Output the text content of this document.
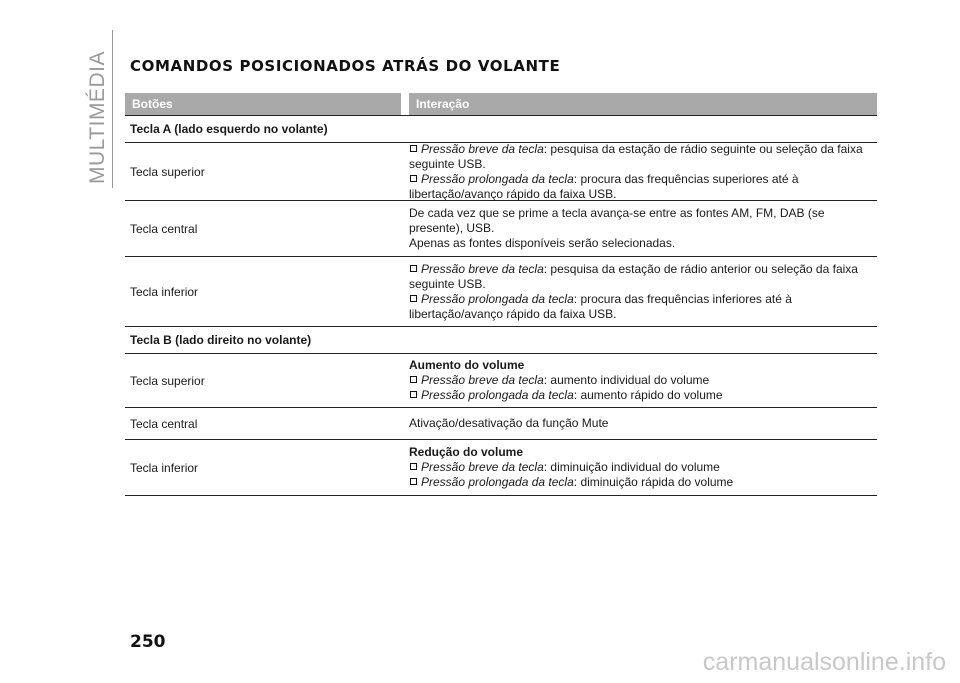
MULTIMÉDIA COMANDOS POSICIONADOS ATRÁS DO VOLANTE
Botões	Interação
Tecla A (lado esquerdo no volante)
Tecla superior
Pressão breve da tecla: pesquisa da estação de rádio seguinte ou seleção da faixa
seguinte USB.
Pressão prolongada da tecla: procura das frequências superiores até à
libertação/avanço rápido da faixa USB.
Tecla central
De cada vez que se prime a tecla avança-se entre as fontes AM, FM, DAB (se
presente), USB.
Apenas as fontes disponíveis serão selecionadas.
Tecla inferior
Pressão breve da tecla: pesquisa da estação de rádio anterior ou seleção da faixa
seguinte USB.
Pressão prolongada da tecla: procura das frequências inferiores até à
libertação/avanço rápido da faixa USB.
Tecla B (lado direito no volante)
Tecla superior
Aumento do volume
Pressão breve da tecla: aumento individual do volume
Pressão prolongada da tecla: aumento rápido do volume
Tecla central	Ativação/desativação da função Mute
Tecla inferior
Redução do volume
Pressão breve da tecla: diminuição individual do volume
Pressão prolongada da tecla: diminuição rápida do volume
250
carmanualsonline.info
